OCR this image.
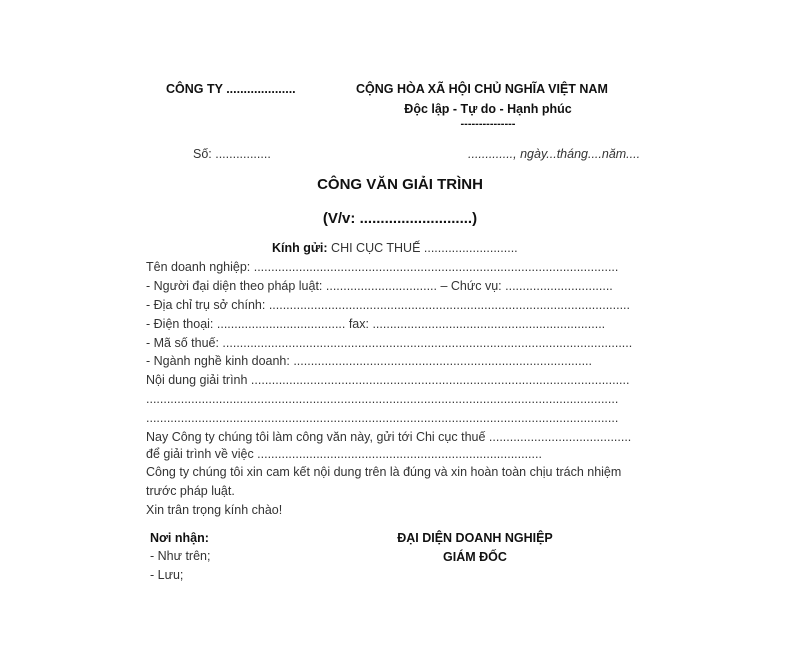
CÔNG TY ....................	CỘNG HÒA XÃ HỘI CHỦ NGHĨA VIỆT NAM
Độc lập - Tự do - Hạnh phúc
---------------
Số: ................	............., ngày...tháng....năm....
CÔNG VĂN GIẢI TRÌNH
(V/v: ...........................)
Kính gửi: CHI CỤC THUẾ ...........................
Tên doanh nghiệp: .........................................................................................................
- Người đại diện theo pháp luật: ................................ – Chức vụ: ...............................
- Địa chỉ trụ sở chính: ........................................................................................................
- Điện thoại: ..................................... fax: ...................................................................
- Mã số thuế: ......................................................................................................................
- Ngành nghề kinh doanh: ......................................................................................
Nội dung giải trình .............................................................................................................
........................................................................................................................................
........................................................................................................................................
Nay Công ty chúng tôi làm công văn này, gửi tới Chi cục thuế .........................................
để giải trình về việc ..................................................................................
Công ty chúng tôi xin cam kết nội dung trên là đúng và xin hoàn toàn chịu trách nhiệm
trước pháp luật.
Xin trân trọng kính chào!
Nơi nhận:
- Như trên;
- Lưu;
ĐẠI DIỆN DOANH NGHIỆP
GIÁM ĐỐC
